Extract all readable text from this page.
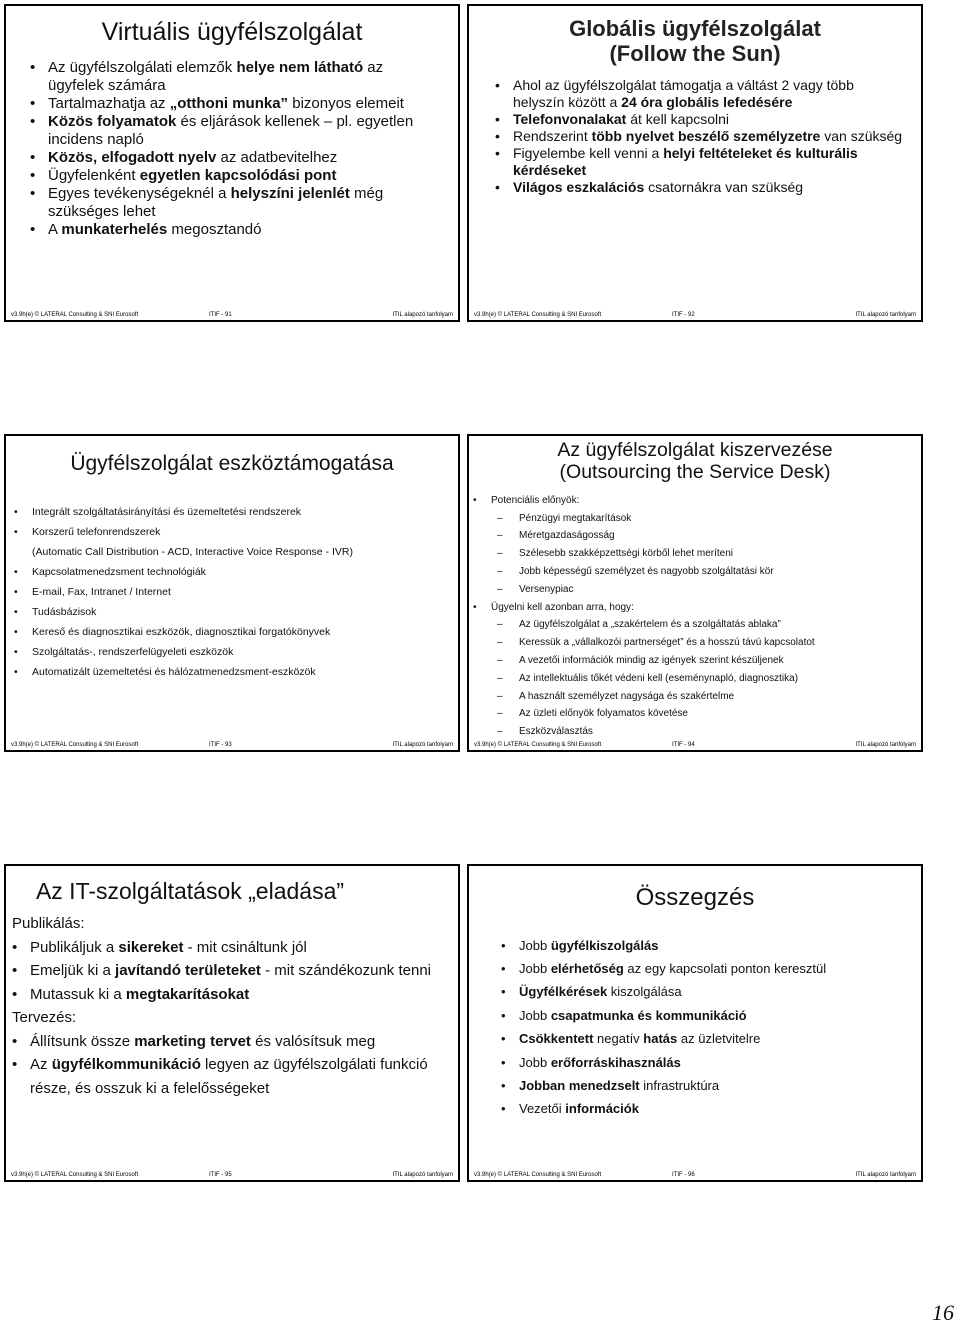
Virtuális ügyfélszolgálat
• Az ügyfélszolgálati elemzők helye nem látható az ügyfelek számára
• Tartalmazhatja az „otthoni munka” bizonyos elemeit
• Közös folyamatok és eljárások kellenek – pl. egyetlen incidens napló
• Közös, elfogadott nyelv az adatbevitelhez
• Ügyfelenként egyetlen kapcsolódási pont
• Egyes tevékenységeknél a helyszíni jelenlét még szükséges lehet
• A munkaterhelés megosztandó
v3.9h(e) © LATERAL Consulting & SNI Eurosoft	ITIF - 91	ITIL alapozó tanfolyam
Globális ügyfélszolgálat
(Follow the Sun)
• Ahol az ügyfélszolgálat támogatja a váltást 2 vagy több helyszín között a 24 óra globális lefedésére
• Telefonvonalakat át kell kapcsolni
• Rendszerint több nyelvet beszélő személyzetre van szükség
• Figyelembe kell venni a helyi feltételeket és kulturális kérdéseket
• Világos eszkalációs csatornákra van szükség
v3.9h(e) © LATERAL Consulting & SNI Eurosoft	ITIF - 92	ITIL alapozó tanfolyam
Ügyfélszolgálat eszköztámogatása
• Integrált szolgáltatásirányítási és üzemeltetési rendszerek
• Korszerű telefonrendszerek
(Automatic Call Distribution - ACD, Interactive Voice Response - IVR)
• Kapcsolatmenedzsment technológiák
• E-mail, Fax, Intranet / Internet
• Tudásbázisok
• Kereső és diagnosztikai eszközök, diagnosztikai forgatókönyvek
• Szolgáltatás-, rendszerfelügyeleti eszközök
• Automatizált üzemeltetési és hálózatmenedzsment-eszközök
v3.9h(e) © LATERAL Consulting & SNI Eurosoft	ITIF - 93	ITIL alapozó tanfolyam
Az ügyfélszolgálat kiszervezése
(Outsourcing the Service Desk)
• Potenciális előnyök:
– Pénzügyi megtakarítások
– Méretgazdaságosság
– Szélesebb szakképzettségi körből lehet meríteni
– Jobb képességű személyzet és nagyobb szolgáltatási kör
– Versenypiac
• Ügyelni kell azonban arra, hogy:
– Az ügyfélszolgálat a „szakértelem és a szolgáltatás ablaka”
– Keressük a „vállalkozói partnerséget” és a hosszú távú kapcsolatot
– A vezetői információk mindig az igények szerint készüljenek
– Az intellektuális tőkét védeni kell (eseménynapló, diagnosztika)
– A használt személyzet nagysága és szakértelme
– Az üzleti előnyök folyamatos követése
– Eszközválasztás
v3.9h(e) © LATERAL Consulting & SNI Eurosoft	ITIF - 94	ITIL alapozó tanfolyam
Az IT-szolgáltatások „eladása”
Publikálás:
• Publikáljuk a sikereket - mit csináltunk jól
• Emeljük ki a javítandó területeket - mit szándékozunk tenni
• Mutassuk ki a megtakarításokat
Tervezés:
• Állítsunk össze marketing tervet és valósítsuk meg
• Az ügyfélkommunikáció legyen az ügyfélszolgálati funkció része, és osszuk ki a felelősségeket
v3.9h(e) © LATERAL Consulting & SNI Eurosoft	ITIF - 95	ITIL alapozó tanfolyam
Összegzés
• Jobb ügyfélkiszolgálás
• Jobb elérhetőség az egy kapcsolati ponton keresztül
• Ügyfélkérések kiszolgálása
• Jobb csapatmunka és kommunikáció
• Csökkentett negatív hatás az üzletvitelre
• Jobb erőforráskihasználás
• Jobban menedzselt infrastruktúra
• Vezetői információk
v3.9h(e) © LATERAL Consulting & SNI Eurosoft	ITIF - 96	ITIL alapozó tanfolyam
16
